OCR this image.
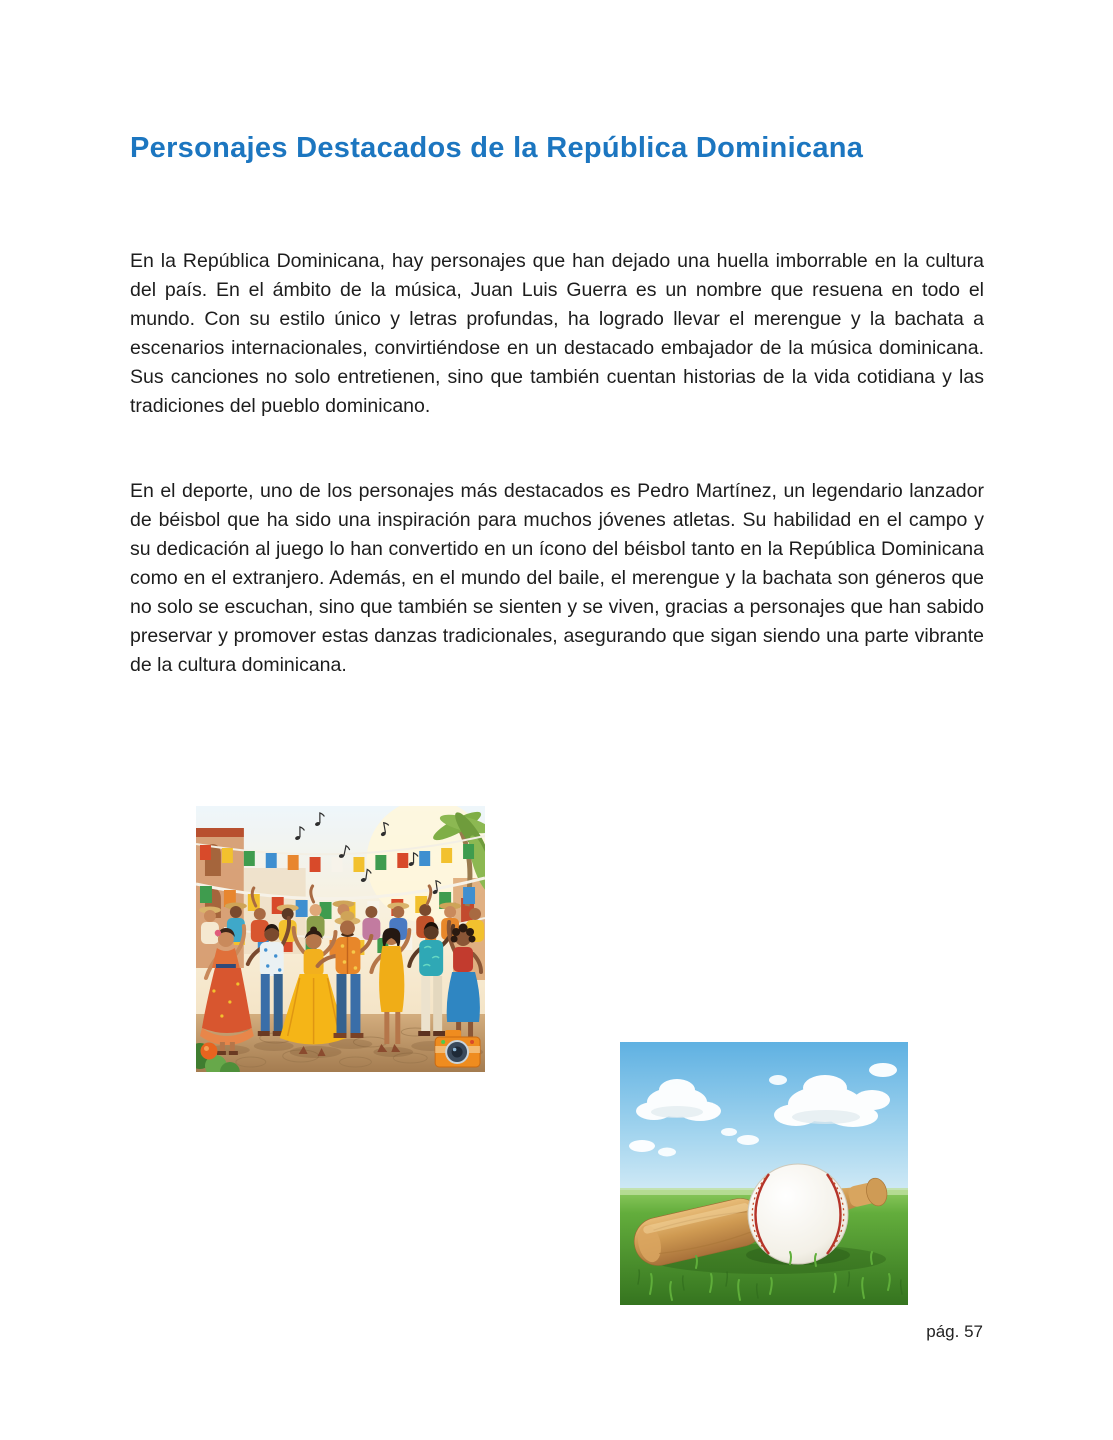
Personajes Destacados de la República Dominicana

En la República Dominicana, hay personajes que han dejado una huella imborrable en la cultura del país. En el ámbito de la música, Juan Luis Guerra es un nombre que resuena en todo el mundo. Con su estilo único y letras profundas, ha logrado llevar el merengue y la bachata a escenarios internacionales, convirtiéndose en un destacado embajador de la música dominicana. Sus canciones no solo entretienen, sino que también cuentan historias de la vida cotidiana y las tradiciones del pueblo dominicano.

En el deporte, uno de los personajes más destacados es Pedro Martínez, un legendario lanzador de béisbol que ha sido una inspiración para muchos jóvenes atletas. Su habilidad en el campo y su dedicación al juego lo han convertido en un ícono del béisbol tanto en la República Dominicana como en el extranjero. Además, en el mundo del baile, el merengue y la bachata son géneros que no solo se escuchan, sino que también se sienten y se viven, gracias a personajes que han sabido preservar y promover estas danzas tradicionales, asegurando que sigan siendo una parte vibrante de la cultura dominicana.

pág. 57
